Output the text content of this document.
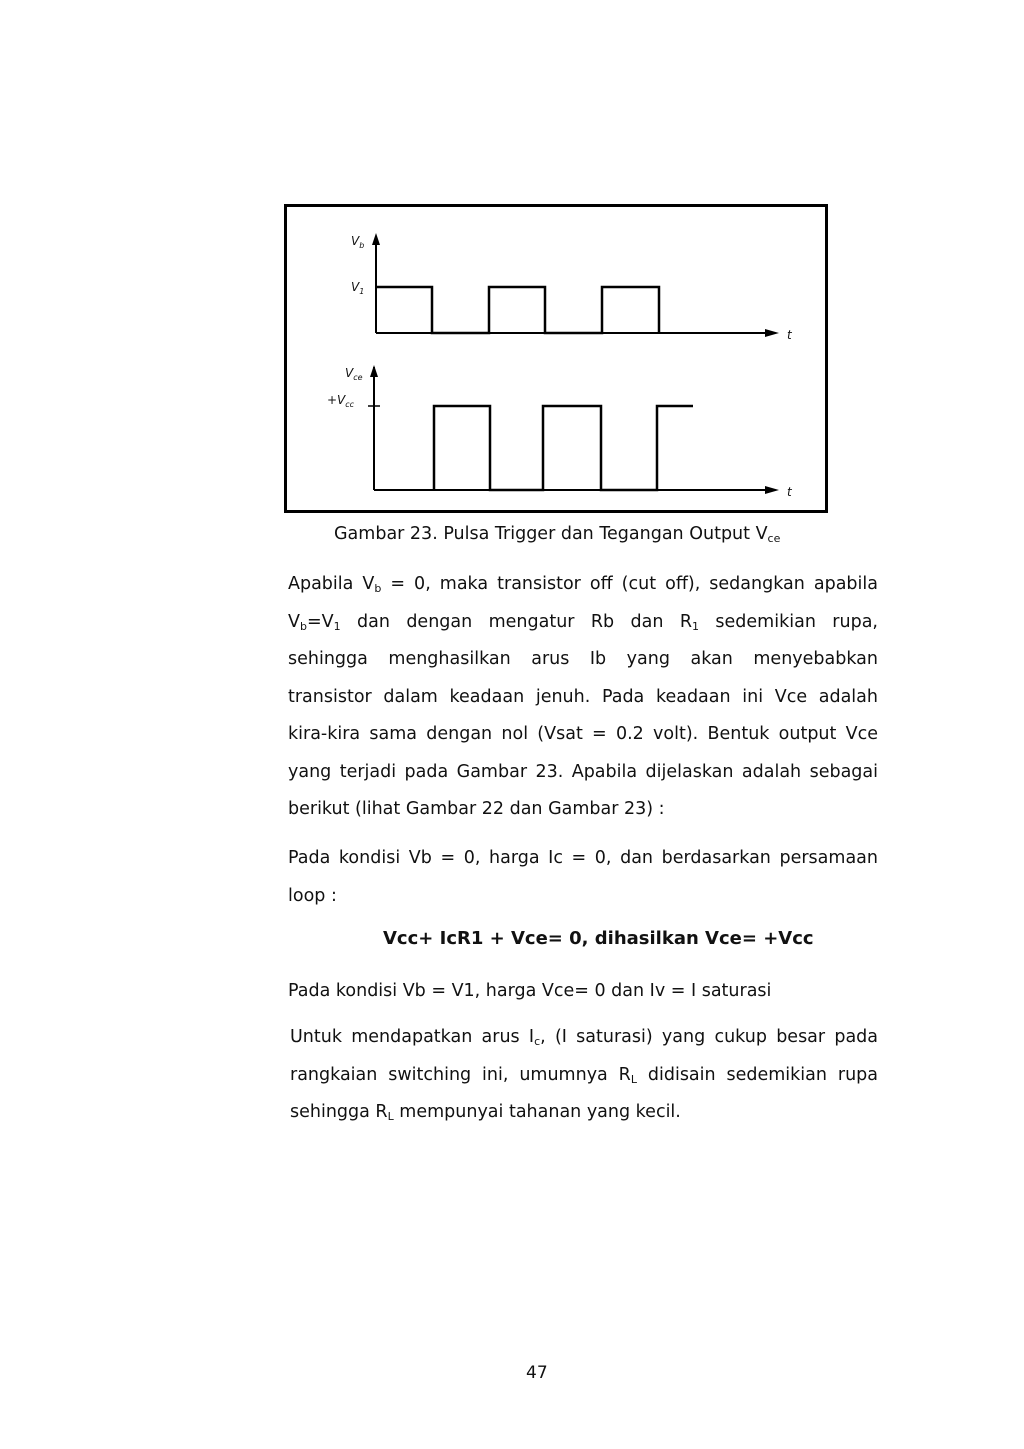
$V_b$
$V_1$
t
$V_{ce}$
$+V_{cc}$
t
Gambar 23. Pulsa Trigger dan Tegangan Output $V_{ce}$
Apabila $V_b = 0$, maka transistor off (cut off), sedangkan apabila
$V_b=V_1$ dan dengan mengatur Rb dan $R_1$ sedemikian rupa,
sehingga menghasilkan arus Ib yang akan menyebabkan
transistor dalam keadaan jenuh. Pada keadaan ini Vce adalah
kira-kira sama dengan nol (Vsat = 0.2 volt). Bentuk output Vce
yang terjadi pada Gambar 23. Apabila dijelaskan adalah sebagai
berikut (lihat Gambar 22 dan Gambar 23) :
Pada kondisi Vb = 0, harga Ic = 0, dan berdasarkan persamaan
loop :
Vcc+ IcR1 + Vce= 0, dihasilkan Vce= +Vcc
Pada kondisi Vb = V1, harga Vce= 0 dan Iv = I saturasi
Untuk mendapatkan arus $I_c$, (I saturasi) yang cukup besar pada
rangkaian switching ini, umumnya $R_L$ didisain sedemikian rupa
sehingga $R_L$ mempunyai tahanan yang kecil.
47
